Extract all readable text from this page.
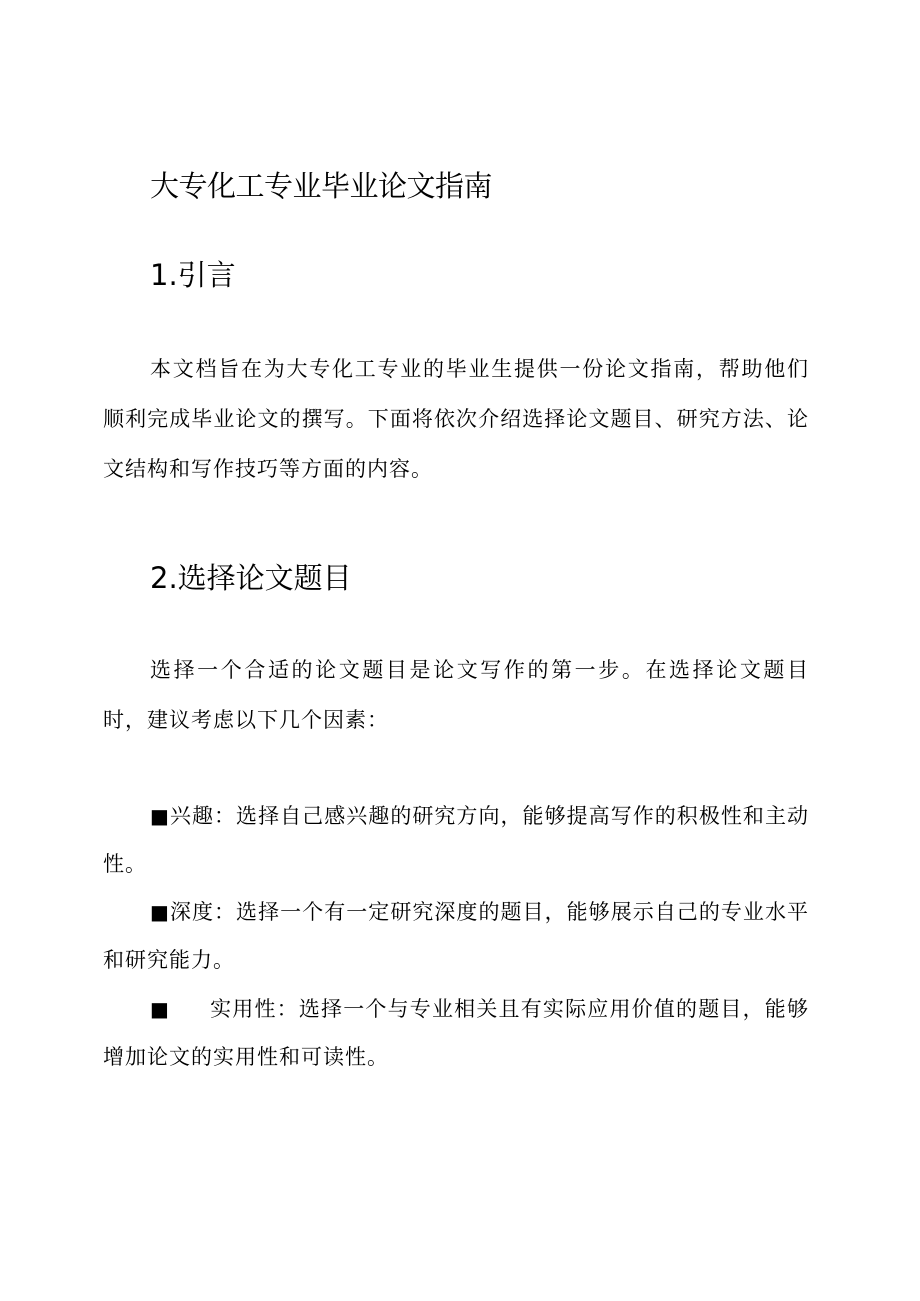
大专化工专业毕业论文指南
1.引言
本文档旨在为大专化工专业的毕业生提供一份论文指南，帮助他们顺利完成毕业论文的撰写。下面将依次介绍选择论文题目、研究方法、论文结构和写作技巧等方面的内容。
2.选择论文题目
选择一个合适的论文题目是论文写作的第一步。在选择论文题目时，建议考虑以下几个因素：
■兴趣：选择自己感兴趣的研究方向，能够提高写作的积极性和主动性。
■深度：选择一个有一定研究深度的题目，能够展示自己的专业水平和研究能力。
■ 实用性：选择一个与专业相关且有实际应用价值的题目，能够增加论文的实用性和可读性。
